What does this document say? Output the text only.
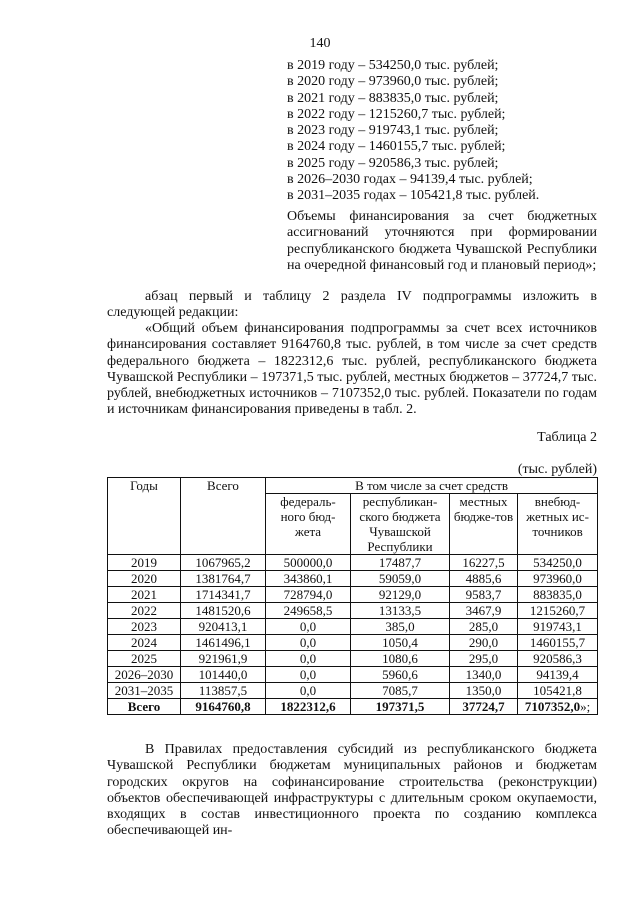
140
в 2019 году – 534250,0 тыс. рублей;
в 2020 году – 973960,0 тыс. рублей;
в 2021 году – 883835,0 тыс. рублей;
в 2022 году – 1215260,7 тыс. рублей;
в 2023 году – 919743,1 тыс. рублей;
в 2024 году – 1460155,7 тыс. рублей;
в 2025 году – 920586,3 тыс. рублей;
в 2026–2030 годах – 94139,4 тыс. рублей;
в 2031–2035 годах – 105421,8 тыс. рублей.

Объемы финансирования за счет бюджетных ассигнований уточняются при формировании республиканского бюджета Чувашской Республики на очередной финансовый год и плановый период»;

абзац первый и таблицу 2 раздела IV подпрограммы изложить в следующей редакции:

«Общий объем финансирования подпрограммы за счет всех источников финансирования составляет 9164760,8 тыс. рублей, в том числе за счет средств федерального бюджета – 1822312,6 тыс. рублей, республиканского бюджета Чувашской Республики – 197371,5 тыс. рублей, местных бюджетов – 37724,7 тыс. рублей, внебюджетных источников – 7107352,0 тыс. рублей. Показатели по годам и источникам финансирования приведены в табл. 2.

Таблица 2
(тыс. рублей)
Годы	Всего	В том числе за счет средств			
		федераль-ного бюд-жета	республикан-ского бюджета Чувашской Республики	местных бюдже-тов	внебюд-жетных ис-точников
2019	1067965,2	500000,0	17487,7	16227,5	534250,0
2020	1381764,7	343860,1	59059,0	4885,6	973960,0
2021	1714341,7	728794,0	92129,0	9583,7	883835,0
2022	1481520,6	249658,5	13133,5	3467,9	1215260,7
2023	920413,1	0,0	385,0	285,0	919743,1
2024	1461496,1	0,0	1050,4	290,0	1460155,7
2025	921961,9	0,0	1080,6	295,0	920586,3
2026–2030	101440,0	0,0	5960,6	1340,0	94139,4
2031–2035	113857,5	0,0	7085,7	1350,0	105421,8
Всего	9164760,8	1822312,6	197371,5	37724,7	7107352,0»;

В Правилах предоставления субсидий из республиканского бюджета Чувашской Республики бюджетам муниципальных районов и бюджетам городских округов на софинансирование строительства (реконструкции) объектов обеспечивающей инфраструктуры с длительным сроком окупаемости, входящих в состав инвестиционного проекта по созданию комплекса обеспечивающей ин-
